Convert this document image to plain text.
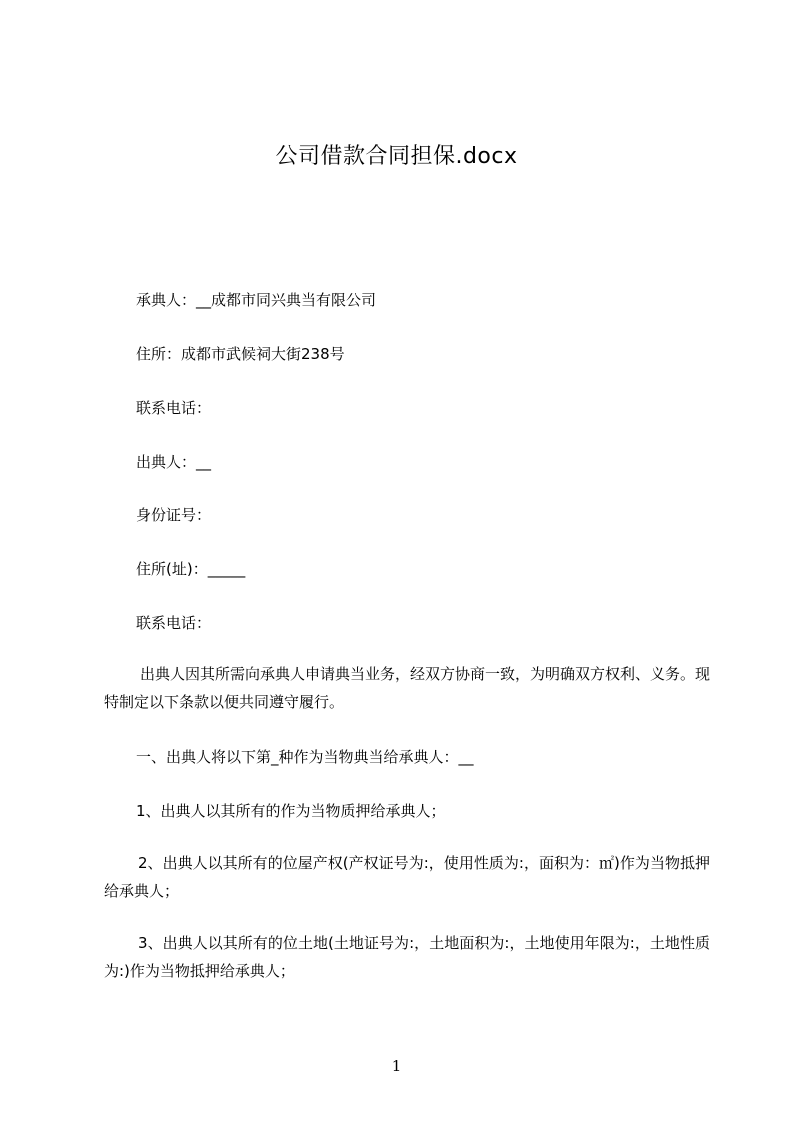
公司借款合同担保.docx
承典人：__成都市同兴典当有限公司
住所：成都市武候祠大街238号
联系电话：
出典人：__
身份证号：
住所(址)：_____
联系电话：
出典人因其所需向承典人申请典当业务，经双方协商一致，为明确双方权利、义务。现特制定以下条款以便共同遵守履行。
一、出典人将以下第_种作为当物典当给承典人：__
1、出典人以其所有的作为当物质押给承典人；
2、出典人以其所有的位屋产权(产权证号为:，使用性质为:，面积为：㎡)作为当物抵押给承典人；
3、出典人以其所有的位土地(土地证号为:，土地面积为:，土地使用年限为:，土地性质为:)作为当物抵押给承典人；
1
